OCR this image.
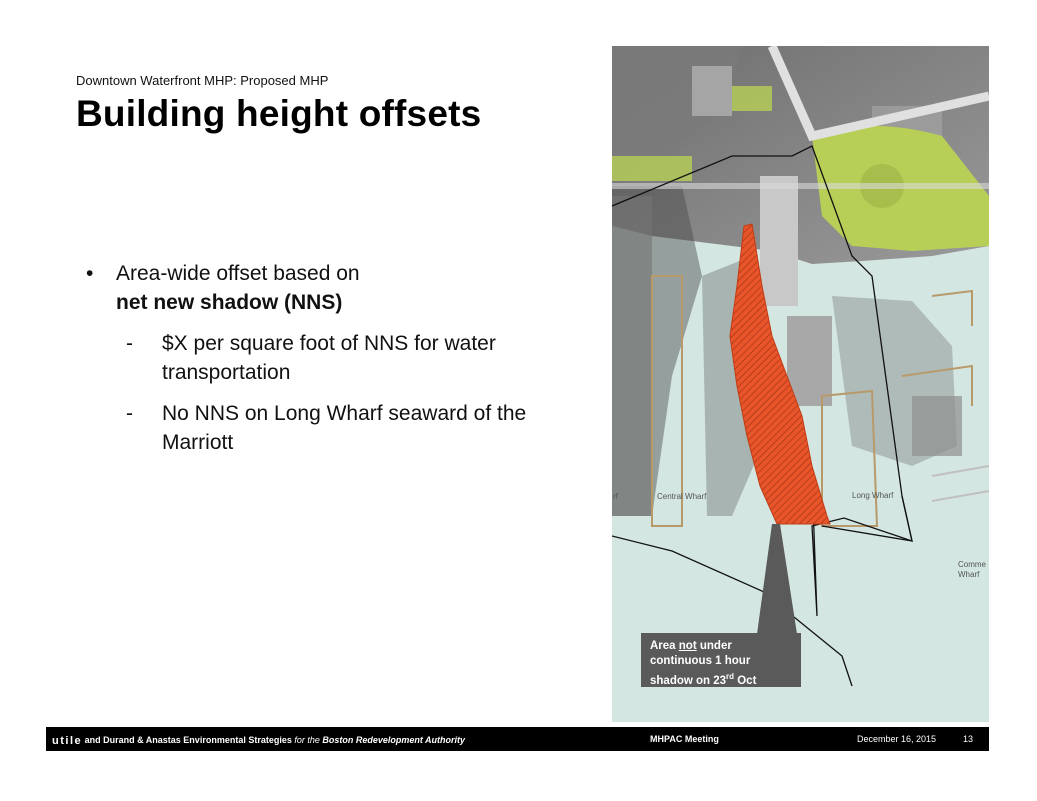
Downtown Waterfront MHP: Proposed MHP
Building height offsets
• Area-wide offset based on
net new shadow (NNS)
- $X per square foot of NNS for water transportation
- No NNS on Long Wharf seaward of the Marriott
Central Wharf	Long Wharf
Comme
Wharf
rf
Area not under
continuous 1 hour
shadow on 23rd Oct
utile and Durand & Anastas Environmental Strategies for the Boston Redevelopment Authority	MHPAC Meeting	December 16, 2015	13
